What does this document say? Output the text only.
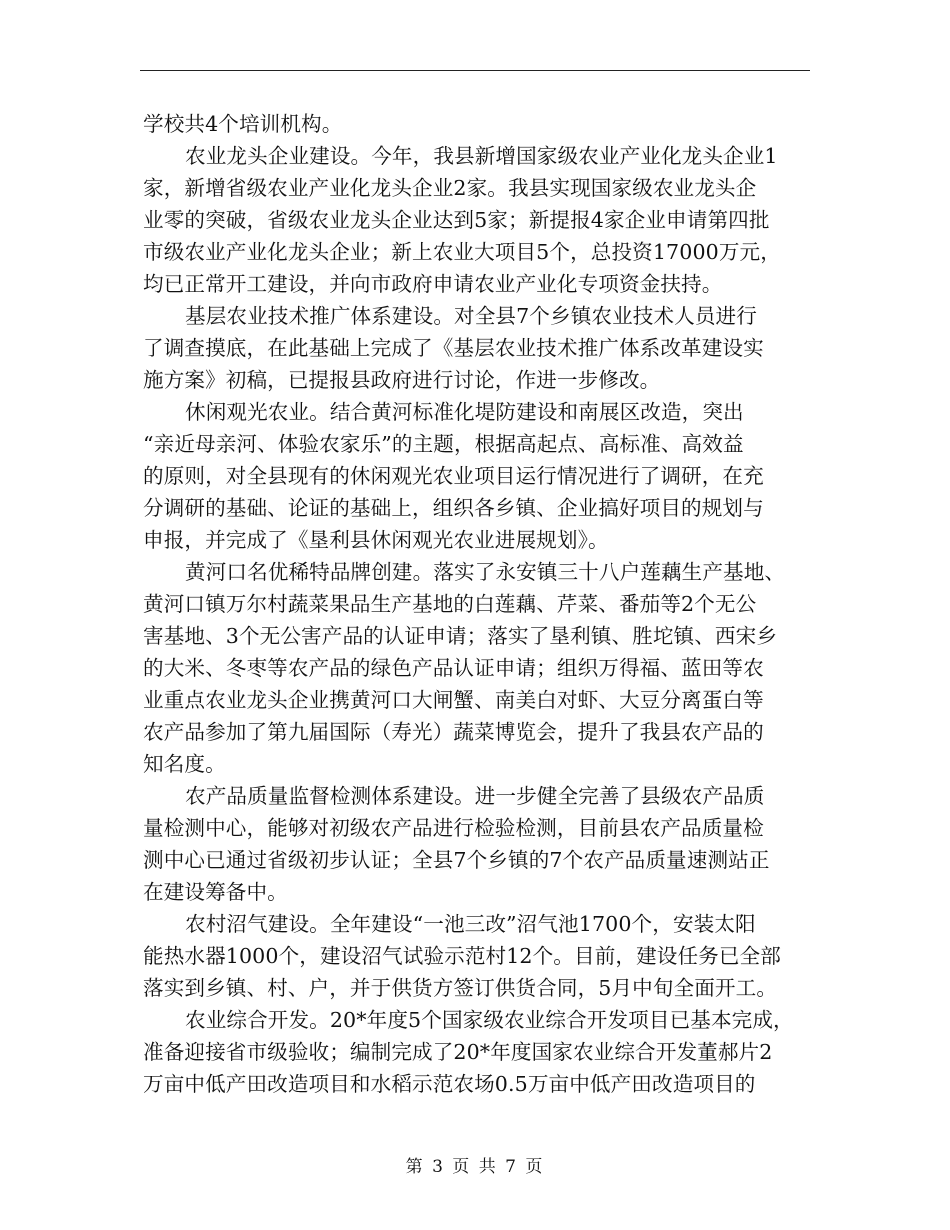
学校共4个培训机构。
农业龙头企业建设。今年，我县新增国家级农业产业化龙头企业1
家，新增省级农业产业化龙头企业2家。我县实现国家级农业龙头企
业零的突破，省级农业龙头企业达到5家；新提报4家企业申请第四批
市级农业产业化龙头企业；新上农业大项目5个，总投资17000万元，
均已正常开工建设，并向市政府申请农业产业化专项资金扶持。
基层农业技术推广体系建设。对全县7个乡镇农业技术人员进行
了调查摸底，在此基础上完成了《基层农业技术推广体系改革建设实
施方案》初稿，已提报县政府进行讨论，作进一步修改。
休闲观光农业。结合黄河标准化堤防建设和南展区改造，突出
“亲近母亲河、体验农家乐”的主题，根据高起点、高标准、高效益
的原则，对全县现有的休闲观光农业项目运行情况进行了调研，在充
分调研的基础、论证的基础上，组织各乡镇、企业搞好项目的规划与
申报，并完成了《垦利县休闲观光农业进展规划》。
黄河口名优稀特品牌创建。落实了永安镇三十八户莲藕生产基地、
黄河口镇万尔村蔬菜果品生产基地的白莲藕、芹菜、番茄等2个无公
害基地、3个无公害产品的认证申请；落实了垦利镇、胜坨镇、西宋乡
的大米、冬枣等农产品的绿色产品认证申请；组织万得福、蓝田等农
业重点农业龙头企业携黄河口大闸蟹、南美白对虾、大豆分离蛋白等
农产品参加了第九届国际（寿光）蔬菜博览会，提升了我县农产品的
知名度。
农产品质量监督检测体系建设。进一步健全完善了县级农产品质
量检测中心，能够对初级农产品进行检验检测，目前县农产品质量检
测中心已通过省级初步认证；全县7个乡镇的7个农产品质量速测站正
在建设筹备中。
农村沼气建设。全年建设“一池三改”沼气池1700个，安装太阳
能热水器1000个，建设沼气试验示范村12个。目前，建设任务已全部
落实到乡镇、村、户，并于供货方签订供货合同，5月中旬全面开工。
农业综合开发。20*年度5个国家级农业综合开发项目已基本完成，
准备迎接省市级验收；编制完成了20*年度国家农业综合开发董郝片2
万亩中低产田改造项目和水稻示范农场0.5万亩中低产田改造项目的
第 3 页 共 7 页
